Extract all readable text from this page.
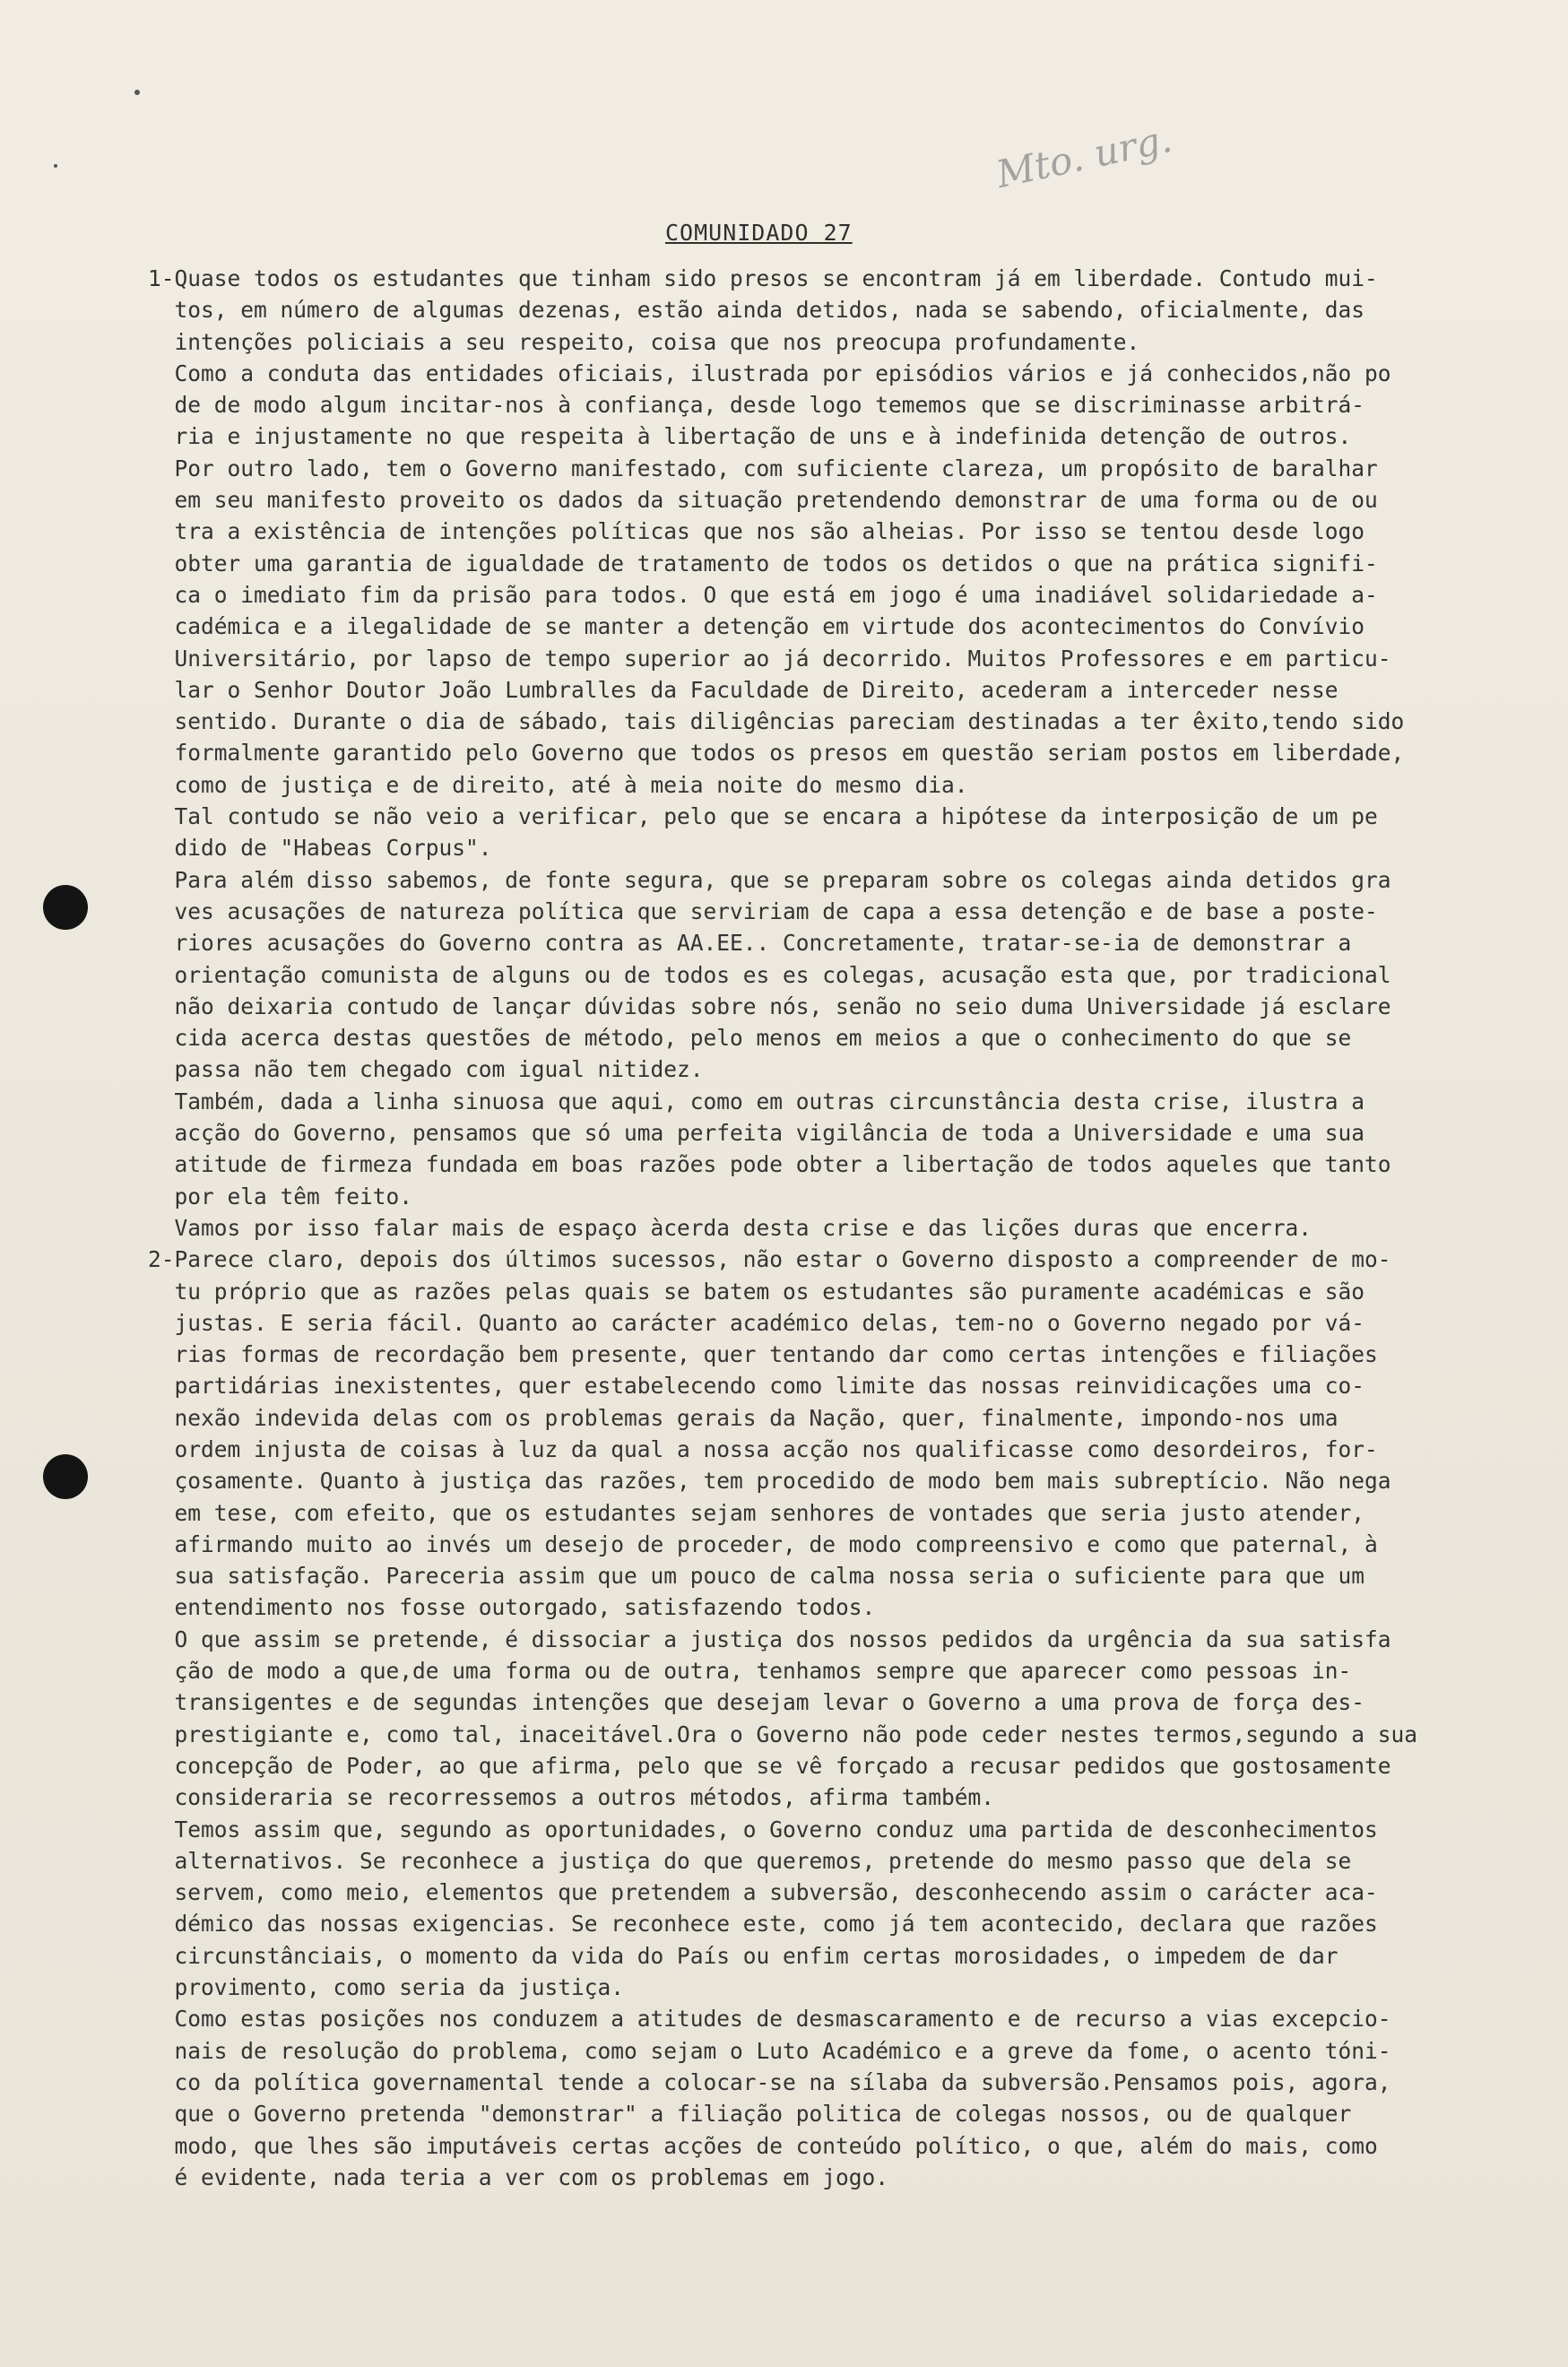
Mto. urg.
COMUNIDADO 27
1-Quase todos os estudantes que tinham sido presos se encontram já em liberdade. Contudo mui-
tos, em número de algumas dezenas, estão ainda detidos, nada se sabendo, oficialmente, das
intenções policiais a seu respeito, coisa que nos preocupa profundamente.
Como a conduta das entidades oficiais, ilustrada por episódios vários e já conhecidos,não po
de de modo algum incitar-nos à confiança, desde logo tememos que se discriminasse arbitrá-
ria e injustamente no que respeita à libertação de uns e à indefinida detenção de outros.
Por outro lado, tem o Governo manifestado, com suficiente clareza, um propósito de baralhar
em seu manifesto proveito os dados da situação pretendendo demonstrar de uma forma ou de ou
tra a existência de intenções políticas que nos são alheias. Por isso se tentou desde logo
obter uma garantia de igualdade de tratamento de todos os detidos o que na prática signifi-
ca o imediato fim da prisão para todos. O que está em jogo é uma inadiável solidariedade a-
cadémica e a ilegalidade de se manter a detenção em virtude dos acontecimentos do Convívio
Universitário, por lapso de tempo superior ao já decorrido. Muitos Professores e em particu-
lar o Senhor Doutor João Lumbralles da Faculdade de Direito, acederam a interceder nesse
sentido. Durante o dia de sábado, tais diligências pareciam destinadas a ter êxito,tendo sido
formalmente garantido pelo Governo que todos os presos em questão seriam postos em liberdade,
como de justiça e de direito, até à meia noite do mesmo dia.
Tal contudo se não veio a verificar, pelo que se encara a hipótese da interposição de um pe
dido de "Habeas Corpus".
Para além disso sabemos, de fonte segura, que se preparam sobre os colegas ainda detidos gra
ves acusações de natureza política que serviriam de capa a essa detenção e de base a poste-
riores acusações do Governo contra as AA.EE.. Concretamente, tratar-se-ia de demonstrar a
orientação comunista de alguns ou de todos es es colegas, acusação esta que, por tradicional
não deixaria contudo de lançar dúvidas sobre nós, senão no seio duma Universidade já esclare
cida acerca destas questões de método, pelo menos em meios a que o conhecimento do que se
passa não tem chegado com igual nitidez.
Também, dada a linha sinuosa que aqui, como em outras circunstância desta crise, ilustra a
acção do Governo, pensamos que só uma perfeita vigilância de toda a Universidade e uma sua
atitude de firmeza fundada em boas razões pode obter a libertação de todos aqueles que tanto
por ela têm feito.
Vamos por isso falar mais de espaço àcerda desta crise e das lições duras que encerra.
2-Parece claro, depois dos últimos sucessos, não estar o Governo disposto a compreender de mo-
tu próprio que as razões pelas quais se batem os estudantes são puramente académicas e são
justas. E seria fácil. Quanto ao carácter académico delas, tem-no o Governo negado por vá-
rias formas de recordação bem presente, quer tentando dar como certas intenções e filiações
partidárias inexistentes, quer estabelecendo como limite das nossas reinvidicações uma co-
nexão indevida delas com os problemas gerais da Nação, quer, finalmente, impondo-nos uma
ordem injusta de coisas à luz da qual a nossa acção nos qualificasse como desordeiros, for-
çosamente. Quanto à justiça das razões, tem procedido de modo bem mais subreptício. Não nega
em tese, com efeito, que os estudantes sejam senhores de vontades que seria justo atender,
afirmando muito ao invés um desejo de proceder, de modo compreensivo e como que paternal, à
sua satisfação. Pareceria assim que um pouco de calma nossa seria o suficiente para que um
entendimento nos fosse outorgado, satisfazendo todos.
O que assim se pretende, é dissociar a justiça dos nossos pedidos da urgência da sua satisfa
ção de modo a que,de uma forma ou de outra, tenhamos sempre que aparecer como pessoas in-
transigentes e de segundas intenções que desejam levar o Governo a uma prova de força des-
prestigiante e, como tal, inaceitável.Ora o Governo não pode ceder nestes termos,segundo a sua
concepção de Poder, ao que afirma, pelo que se vê forçado a recusar pedidos que gostosamente
consideraria se recorressemos a outros métodos, afirma também.
Temos assim que, segundo as oportunidades, o Governo conduz uma partida de desconhecimentos
alternativos. Se reconhece a justiça do que queremos, pretende do mesmo passo que dela se
servem, como meio, elementos que pretendem a subversão, desconhecendo assim o carácter aca-
démico das nossas exigencias. Se reconhece este, como já tem acontecido, declara que razões
circunstânciais, o momento da vida do País ou enfim certas morosidades, o impedem de dar
provimento, como seria da justiça.
Como estas posições nos conduzem a atitudes de desmascaramento e de recurso a vias excepcio-
nais de resolução do problema, como sejam o Luto Académico e a greve da fome, o acento tóni-
co da política governamental tende a colocar-se na sílaba da subversão.Pensamos pois, agora,
que o Governo pretenda "demonstrar" a filiação politica de colegas nossos, ou de qualquer
modo, que lhes são imputáveis certas acções de conteúdo político, o que, além do mais, como
é evidente, nada teria a ver com os problemas em jogo.
